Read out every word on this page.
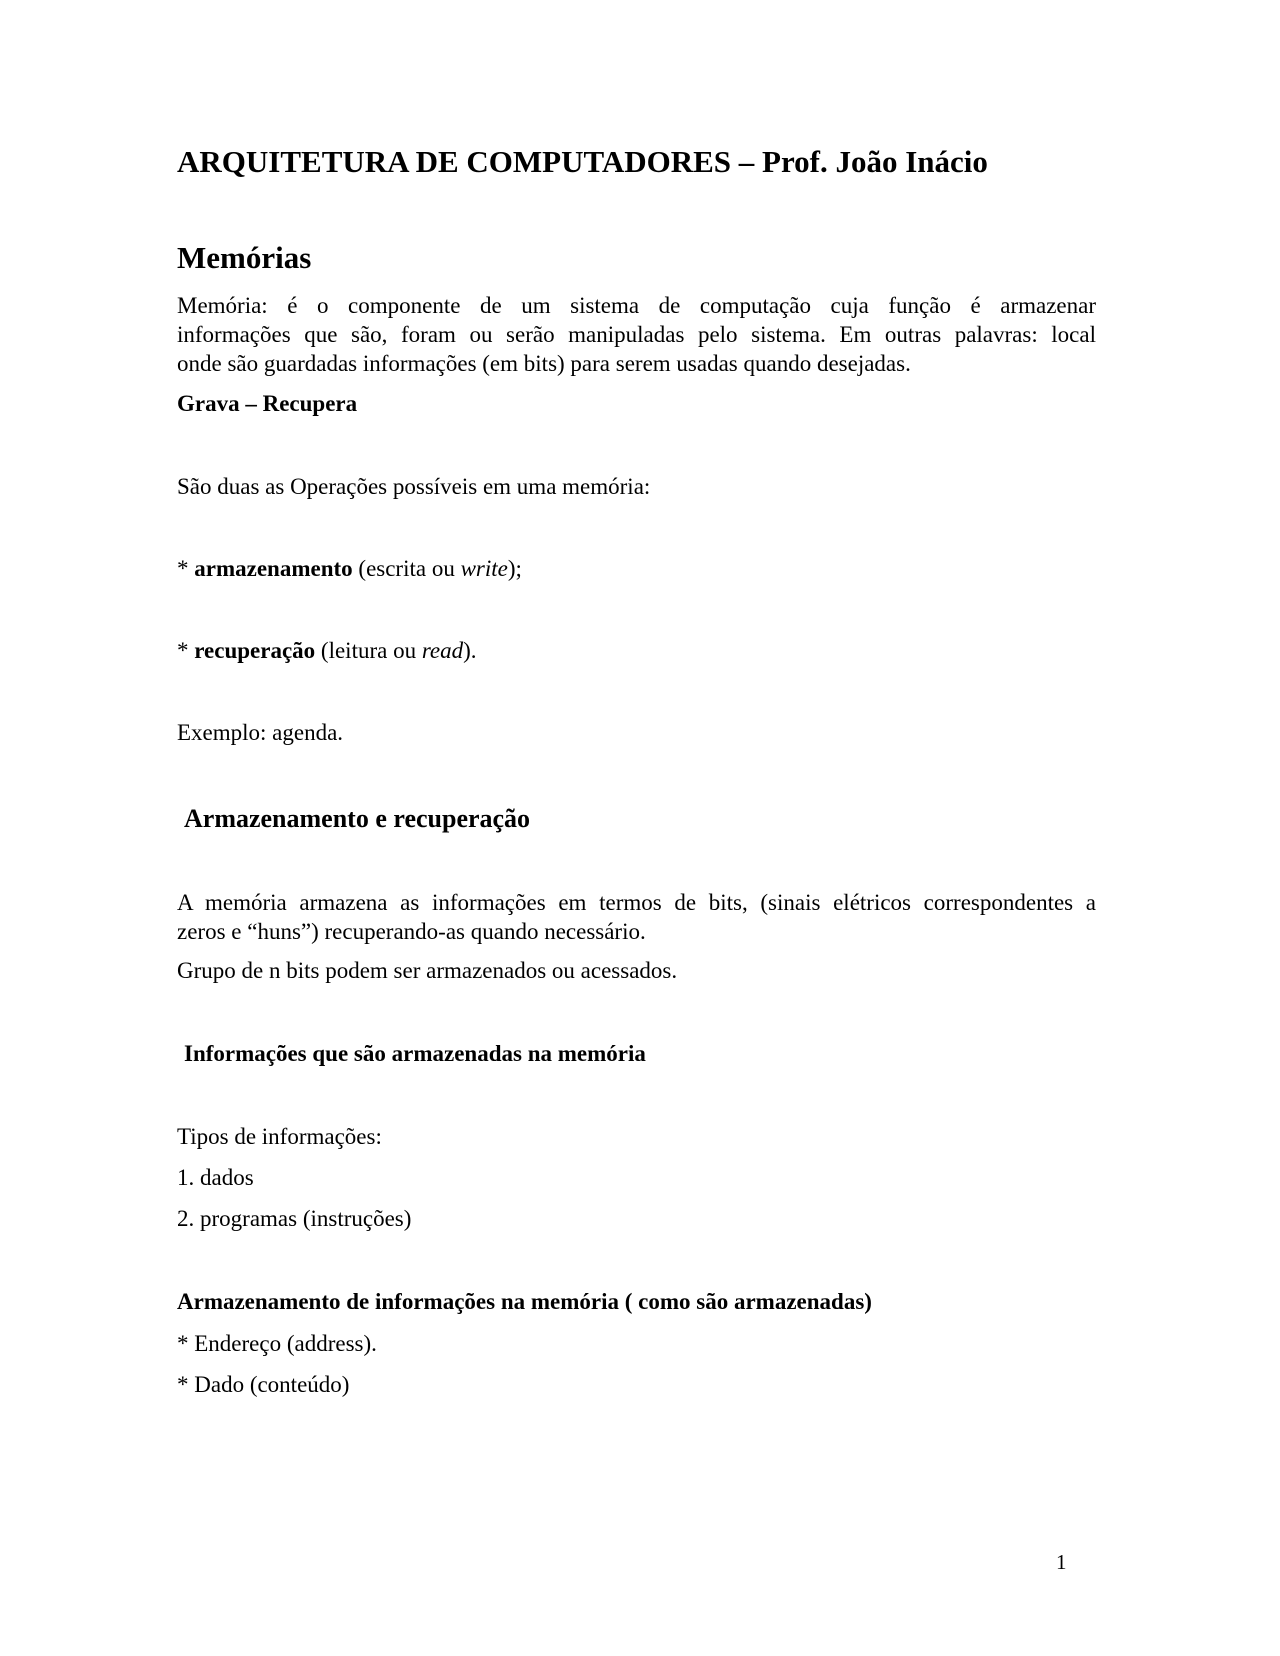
ARQUITETURA DE COMPUTADORES – Prof. João Inácio
Memórias
Memória: é o componente de um sistema de computação cuja função é armazenar
informações que são, foram ou serão manipuladas pelo sistema. Em outras palavras: local
onde são guardadas informações (em bits) para serem usadas quando desejadas.
Grava – Recupera
São duas as Operações possíveis em uma memória:
* armazenamento (escrita ou write);
* recuperação (leitura ou read).
Exemplo: agenda.
Armazenamento e recuperação
A memória armazena as informações em termos de bits, (sinais elétricos correspondentes a
zeros e “huns”) recuperando-as quando necessário.
Grupo de n bits podem ser armazenados ou acessados.
Informações que são armazenadas na memória
Tipos de informações:
1. dados
2. programas (instruções)
Armazenamento de informações na memória ( como são armazenadas)
* Endereço (address).
* Dado (conteúdo)
1
